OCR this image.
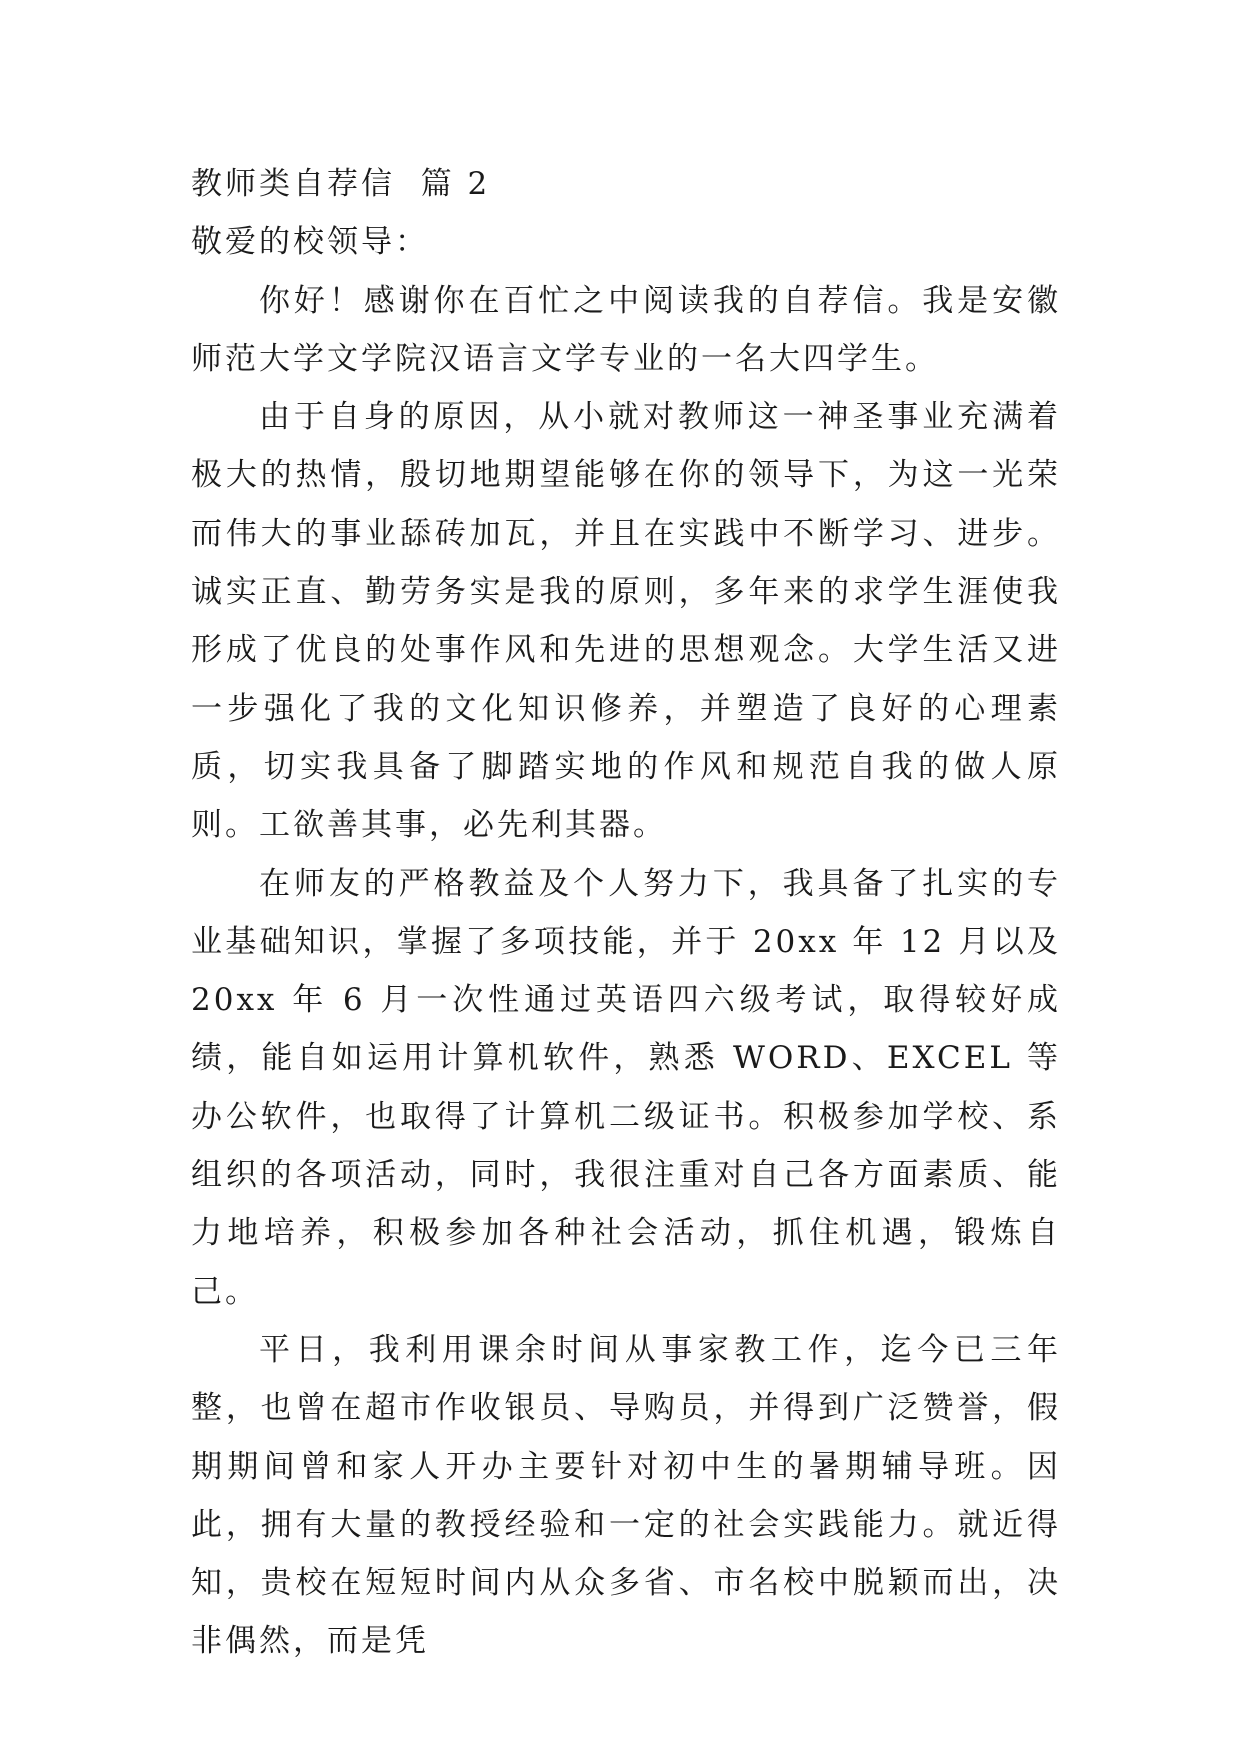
教师类自荐信  篇 2
敬爱的校领导：

你好！感谢你在百忙之中阅读我的自荐信。我是安徽师范大学文学院汉语言文学专业的一名大四学生。

由于自身的原因，从小就对教师这一神圣事业充满着极大的热情，殷切地期望能够在你的领导下，为这一光荣而伟大的事业舔砖加瓦，并且在实践中不断学习、进步。 诚实正直、勤劳务实是我的原则，多年来的求学生涯使我形成了优良的处事作风和先进的思想观念。大学生活又进一步强化了我的文化知识修养，并塑造了良好的心理素质，切实我具备了脚踏实地的作风和规范自我的做人原则。工欲善其事，必先利其器。

在师友的严格教益及个人努力下，我具备了扎实的专业基础知识，掌握了多项技能，并于 20xx 年 12 月以及 20xx 年 6 月一次性通过英语四六级考试，取得较好成绩，能自如运用计算机软件，熟悉 WORD、EXCEL 等办公软件，也取得了计算机二级证书。积极参加学校、系组织的各项活动，同时，我很注重对自己各方面素质、能力地培养，积极参加各种社会活动，抓住机遇，锻炼自己。

平日，我利用课余时间从事家教工作，迄今已三年整，也曾在超市作收银员、导购员，并得到广泛赞誉，假期期间曾和家人开办主要针对初中生的暑期辅导班。因此，拥有大量的教授经验和一定的社会实践能力。就近得知，贵校在短短时间内从众多省、市名校中脱颖而出，决非偶然，而是凭
